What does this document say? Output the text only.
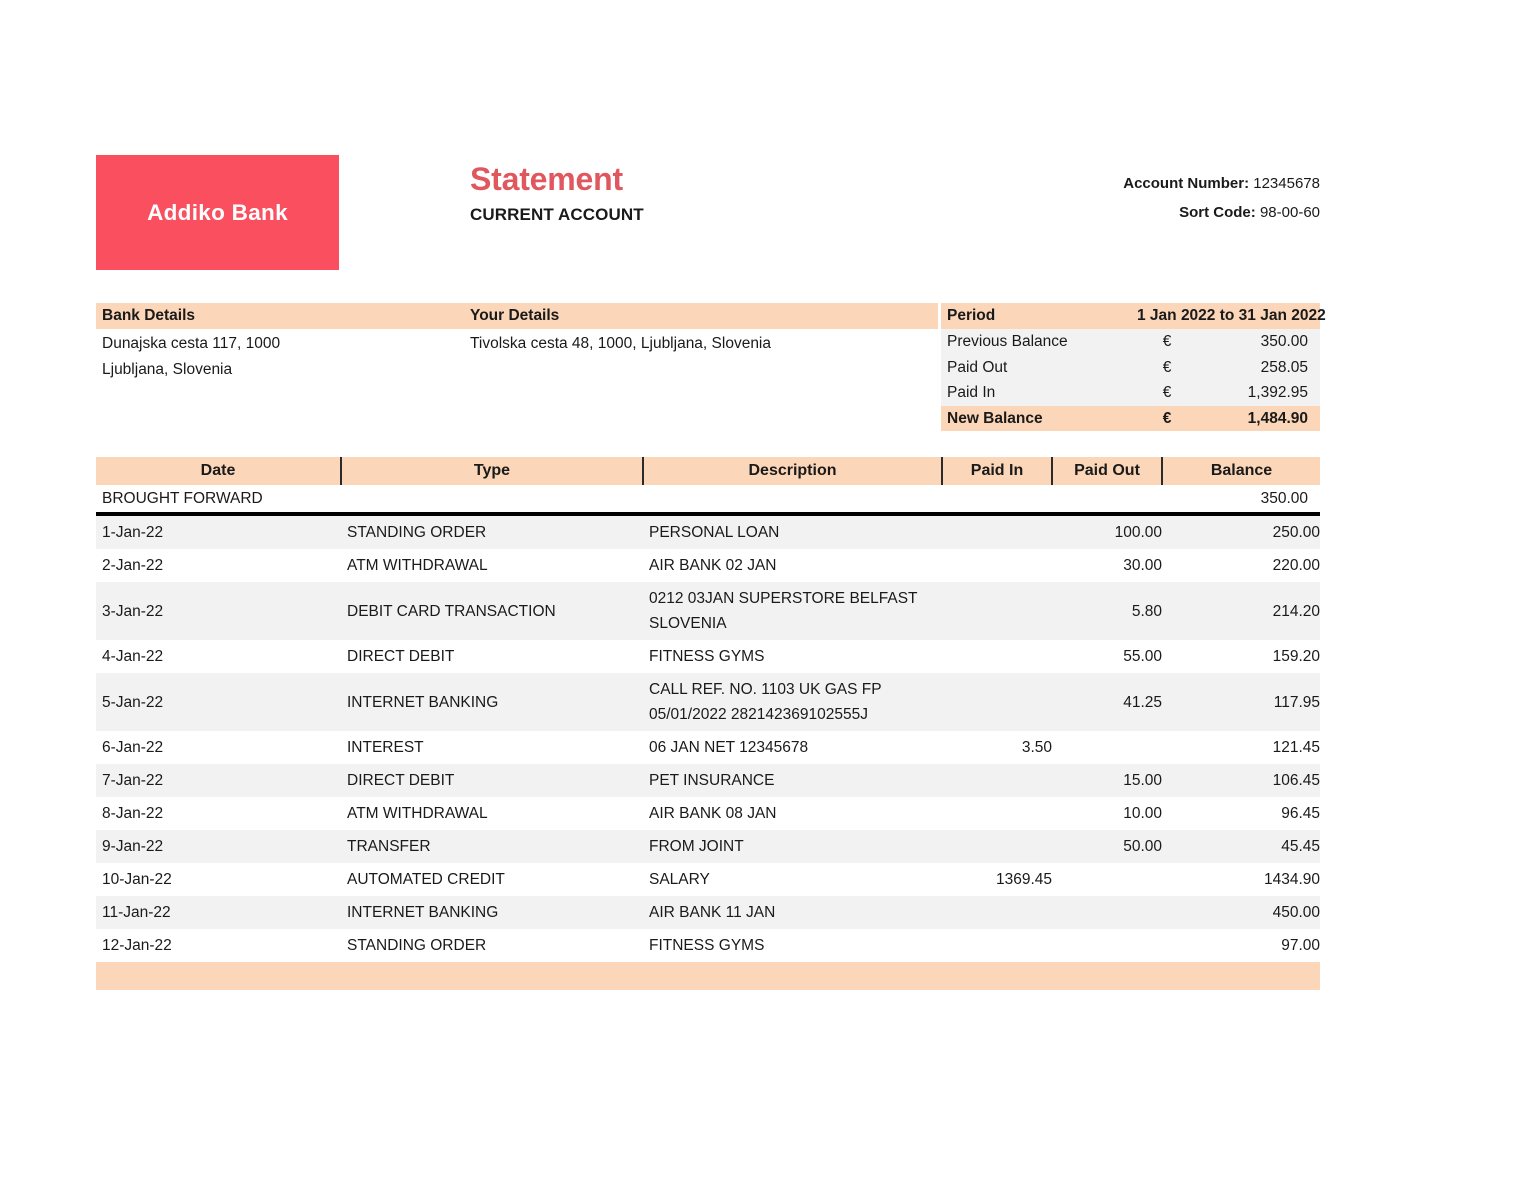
Addiko Bank
Statement
CURRENT ACCOUNT
Account Number: 12345678
Sort Code: 98-00-60
Bank Details
Dunajska cesta 117, 1000
Ljubljana, Slovenia
Your Details
Tivolska cesta 48, 1000, Ljubljana, Slovenia
Period	1 Jan 2022 to 31 Jan 2022
Previous Balance	€	350.00
Paid Out	€	258.05
Paid In	€	1,392.95
New Balance	€	1,484.90
Date	Type	Description	Paid In	Paid Out	Balance
BROUGHT FORWARD					350.00
1-Jan-22	STANDING ORDER	PERSONAL LOAN		100.00	250.00
2-Jan-22	ATM WITHDRAWAL	AIR BANK 02 JAN		30.00	220.00
3-Jan-22	DEBIT CARD TRANSACTION	0212 03JAN SUPERSTORE BELFAST
SLOVENIA		5.80	214.20
4-Jan-22	DIRECT DEBIT	FITNESS GYMS		55.00	159.20
5-Jan-22	INTERNET BANKING	CALL REF. NO. 1103 UK GAS FP
05/01/2022 282142369102555J		41.25	117.95
6-Jan-22	INTEREST	06 JAN NET 12345678	3.50		121.45
7-Jan-22	DIRECT DEBIT	PET INSURANCE		15.00	106.45
8-Jan-22	ATM WITHDRAWAL	AIR BANK 08 JAN		10.00	96.45
9-Jan-22	TRANSFER	FROM JOINT		50.00	45.45
10-Jan-22	AUTOMATED CREDIT	SALARY	1369.45		1434.90
11-Jan-22	INTERNET BANKING	AIR BANK 11 JAN			450.00
12-Jan-22	STANDING ORDER	FITNESS GYMS			97.00
